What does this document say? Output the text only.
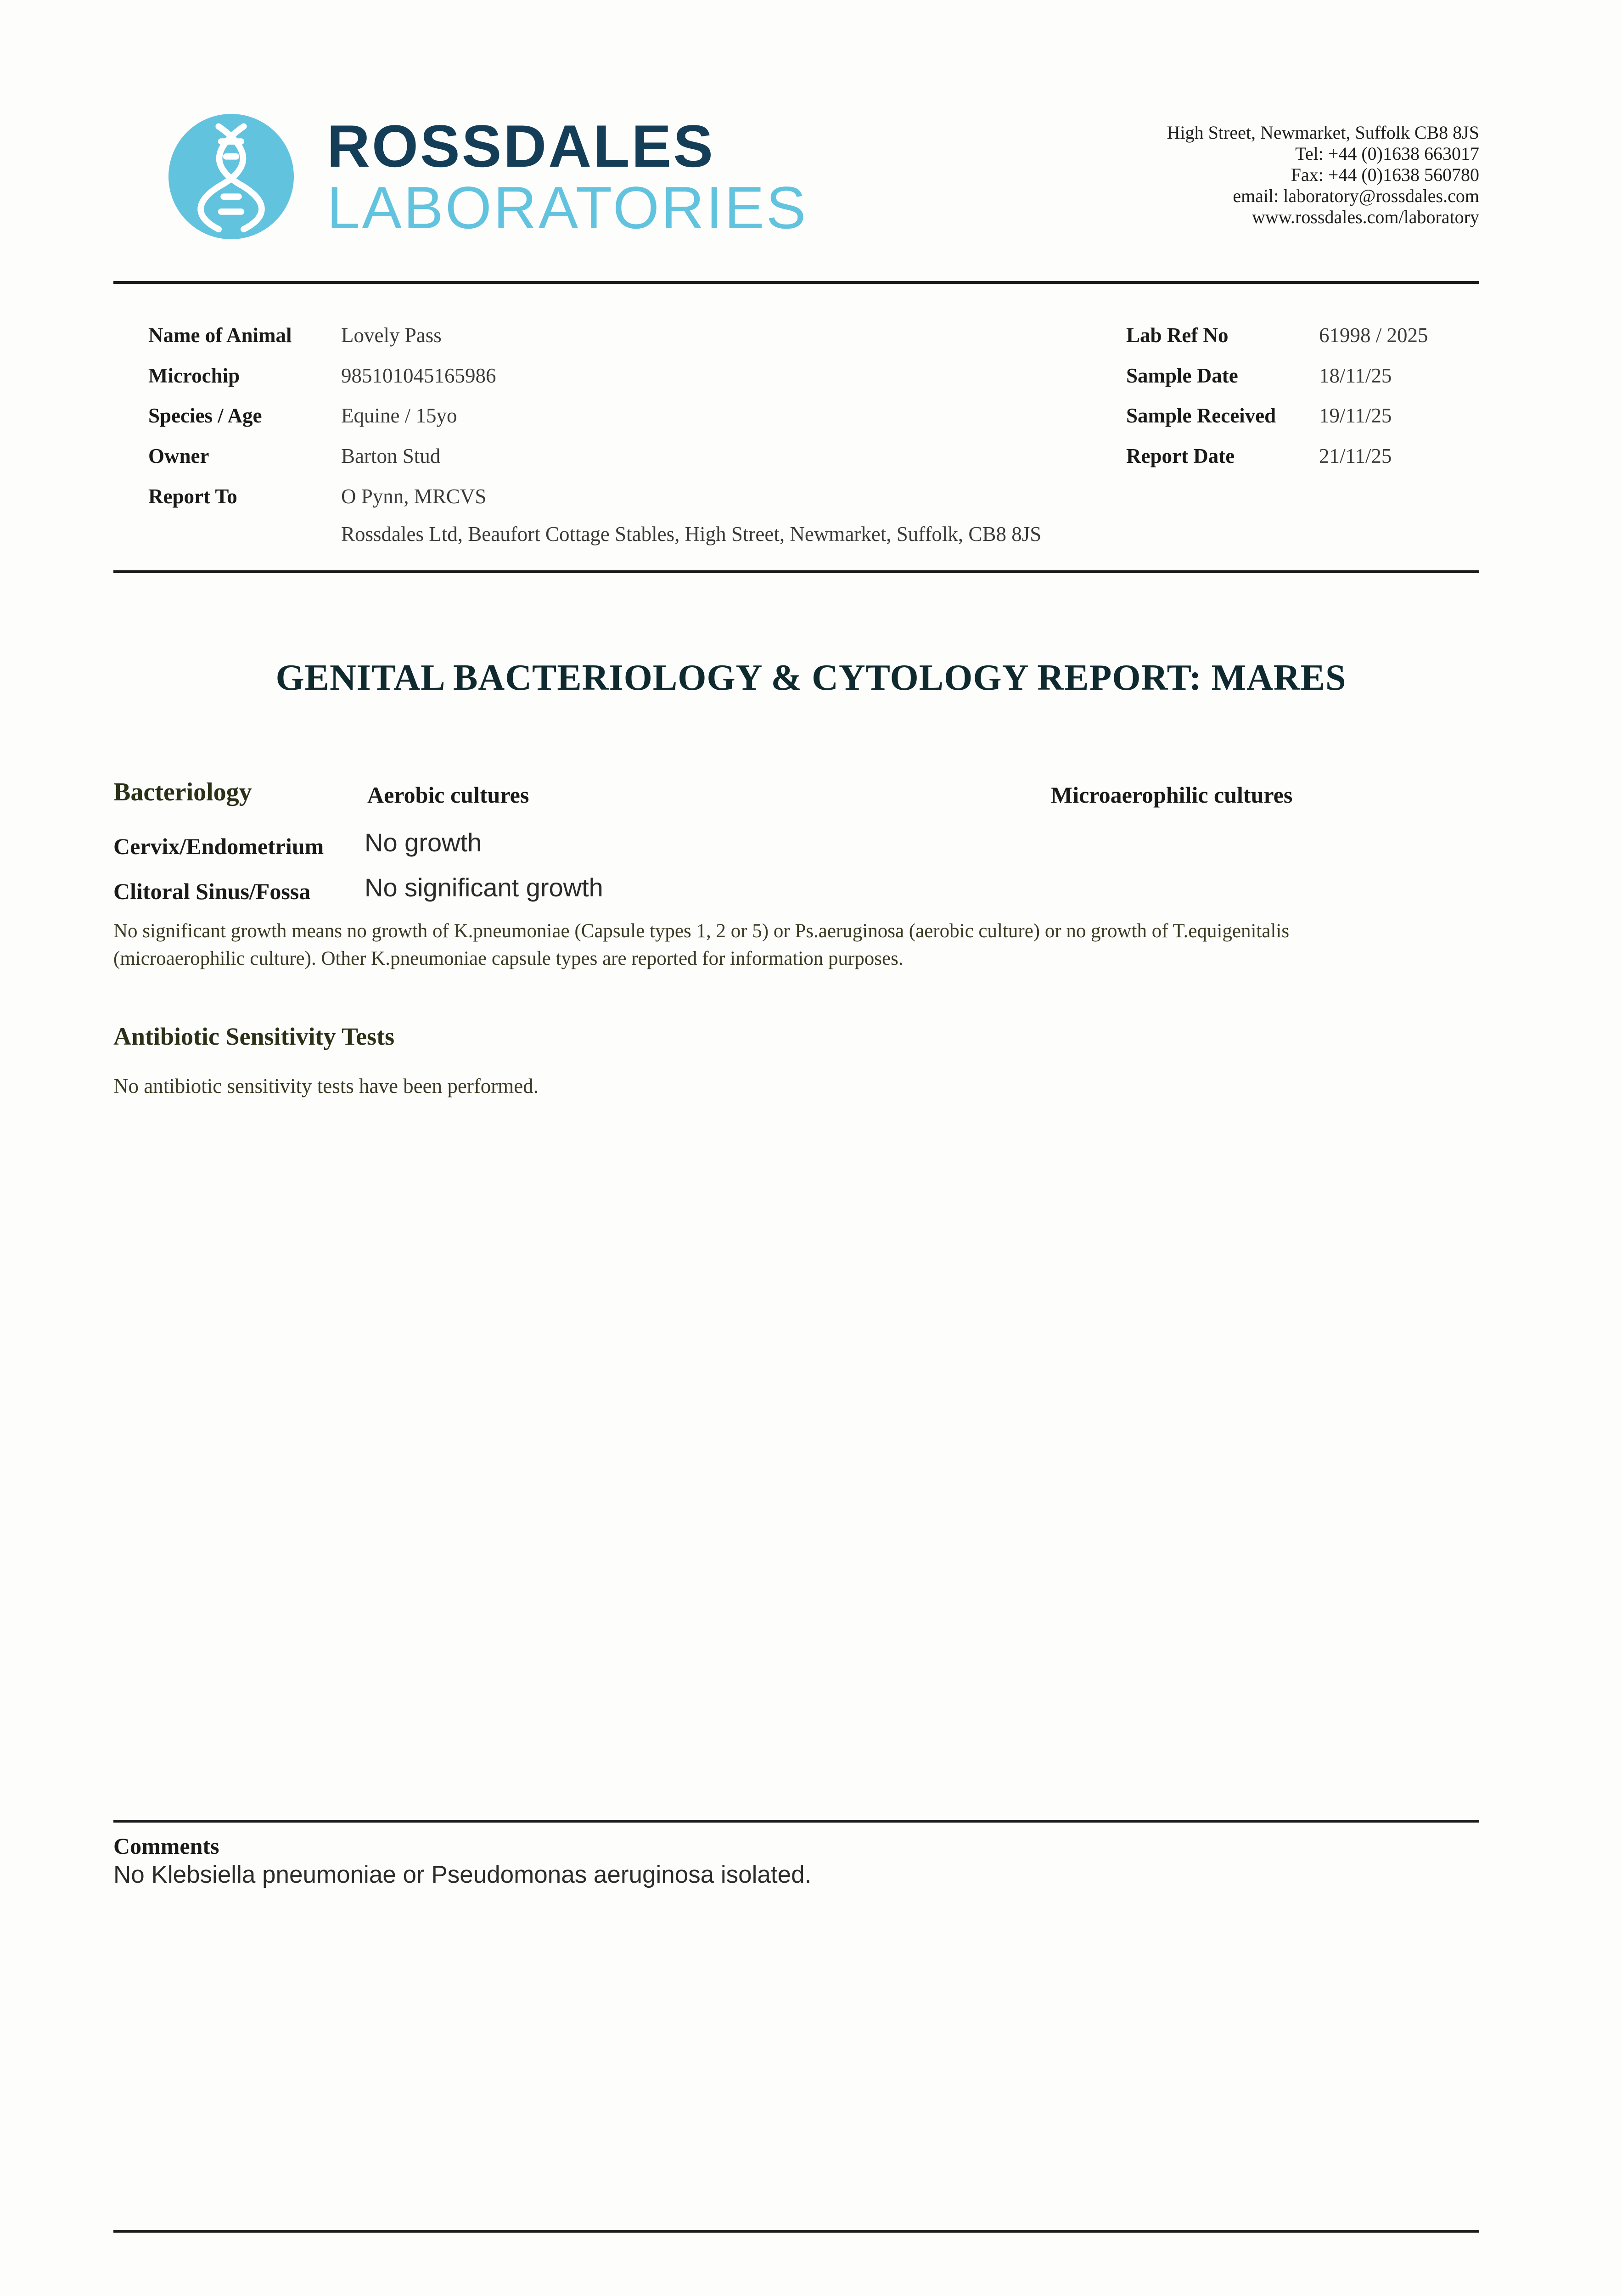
ROSSDALES
LABORATORIES
High Street, Newmarket, Suffolk CB8 8JS
Tel: +44 (0)1638 663017
Fax: +44 (0)1638 560780
email: laboratory@rossdales.com
www.rossdales.com/laboratory
Name of Animal Lovely Pass
Microchip	985101045165986
Species / Age	Equine / 15yo
Owner	Barton Stud
Report To	O Pynn, MRCVS
Rossdales Ltd, Beaufort Cottage Stables, High Street, Newmarket, Suffolk, CB8 8JS
Lab Ref No	61998 / 2025
Sample Date	18/11/25
Sample Received 19/11/25
Report Date	21/11/25
GENITAL BACTERIOLOGY & CYTOLOGY REPORT: MARES
Bacteriology	Aerobic cultures	Microaerophilic cultures
Cervix/Endometrium No growth
Clitoral Sinus/Fossa No significant growth
No significant growth means no growth of K.pneumoniae (Capsule types 1, 2 or 5) or Ps.aeruginosa (aerobic culture) or no growth of T.equigenitalis
(microaerophilic culture). Other K.pneumoniae capsule types are reported for information purposes.
Antibiotic Sensitivity Tests
No antibiotic sensitivity tests have been performed.
Comments
No Klebsiella pneumoniae or Pseudomonas aeruginosa isolated.
